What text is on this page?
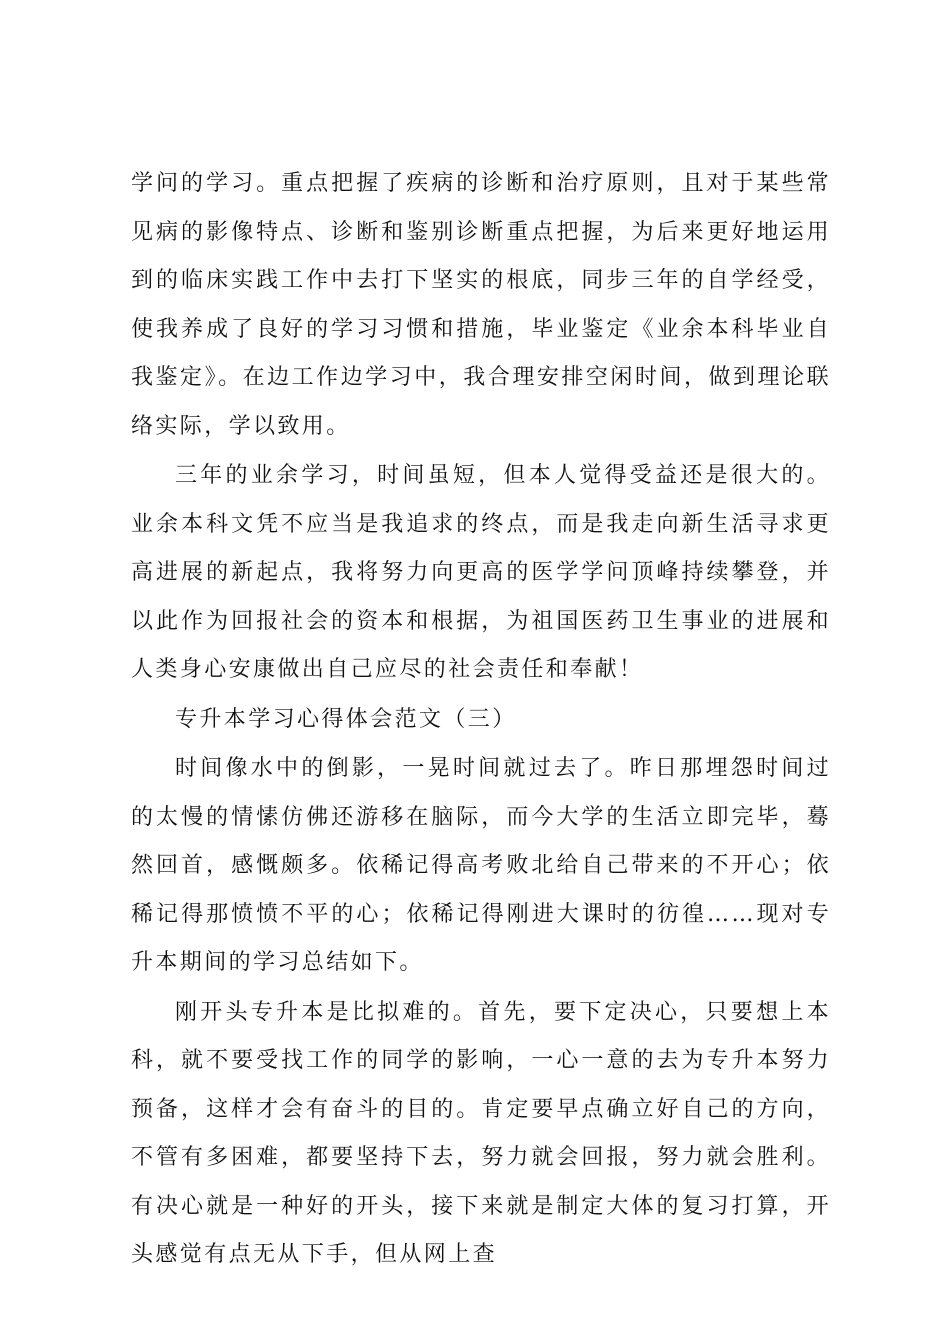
学问的学习。重点把握了疾病的诊断和治疗原则，且对于某些常见病的影像特点、诊断和鉴别诊断重点把握，为后来更好地运用到的临床实践工作中去打下坚实的根底，同步三年的自学经受，使我养成了良好的学习习惯和措施，毕业鉴定《业余本科毕业自我鉴定》。在边工作边学习中，我合理安排空闲时间，做到理论联络实际，学以致用。

三年的业余学习，时间虽短，但本人觉得受益还是很大的。业余本科文凭不应当是我追求的终点，而是我走向新生活寻求更高进展的新起点，我将努力向更高的医学学问顶峰持续攀登，并以此作为回报社会的资本和根据，为祖国医药卫生事业的进展和人类身心安康做出自己应尽的社会责任和奉献！

专升本学习心得体会范文（三）

时间像水中的倒影，一晃时间就过去了。昨日那埋怨时间过的太慢的情愫仿佛还游移在脑际，而今大学的生活立即完毕，蓦然回首，感慨颇多。依稀记得高考败北给自己带来的不开心；依稀记得那愤愤不平的心；依稀记得刚进大课时的彷徨……现对专升本期间的学习总结如下。

刚开头专升本是比拟难的。首先，要下定决心，只要想上本科，就不要受找工作的同学的影响，一心一意的去为专升本努力预备，这样才会有奋斗的目的。肯定要早点确立好自己的方向，不管有多困难，都要坚持下去，努力就会回报，努力就会胜利。有决心就是一种好的开头，接下来就是制定大体的复习打算，开头感觉有点无从下手，但从网上查
